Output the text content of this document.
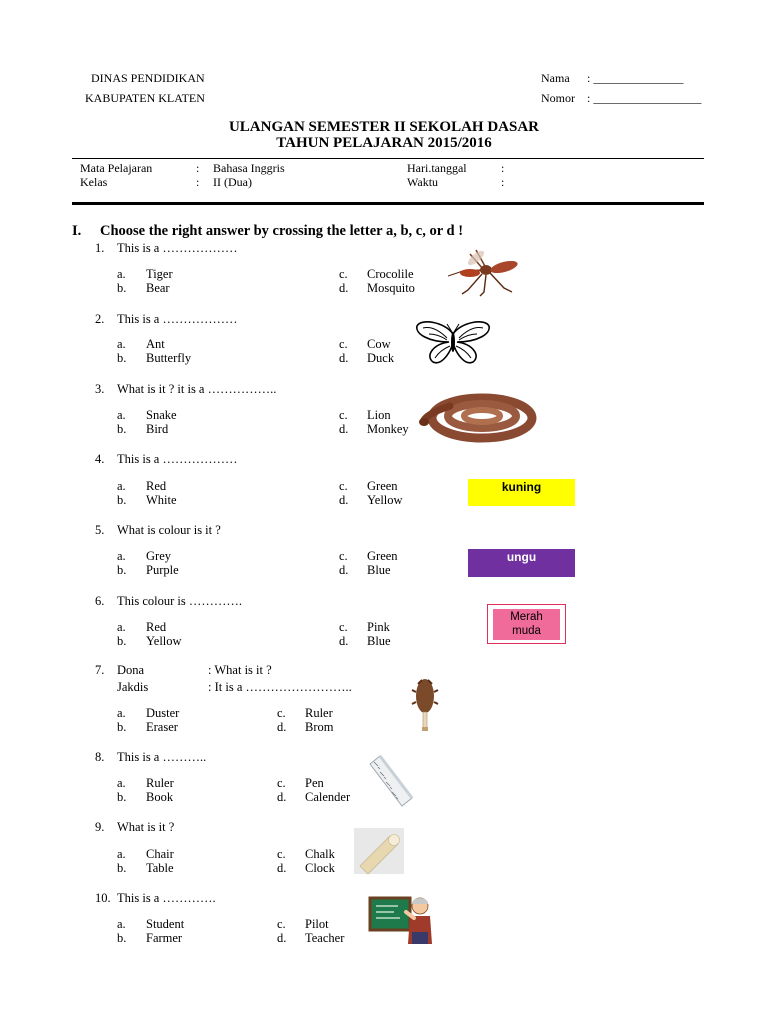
DINAS PENDIDIKAN
KABUPATEN KLATEN
Nama : _______________
Nomor : __________________
ULANGAN SEMESTER II SEKOLAH DASAR
TAHUN PELAJARAN 2015/2016
Mata Pelajaran	: Bahasa Inggris
Kelas	: II (Dua)
Hari.tanggal	:
Waktu	:
I. Choose the right answer by crossing the letter a, b, c, or d !
1. This is a ………………
a. Tiger
b. Bear
c. Crocolile
d. Mosquito
2. This is a ………………
a. Ant
b. Butterfly
c. Cow
d. Duck
3. What is it ? it is a ……………..
a. Snake
b. Bird
c. Lion
d. Monkey
4. This is a ………………
a. Red
b. White
c. Green
d. Yellow
kuning
5. What is colour is it ?
a. Grey
b. Purple
c. Green
d. Blue
ungu
6. This colour is ………….
a. Red
b. Yellow
c. Pink
d. Blue
Merah
muda
7. Dona	: What is it ?
Jakdis	: It is a ……………………..
a. Duster
b. Eraser
c. Ruler
d. Brom
8. This is a ………..
a. Ruler
b. Book
c. Pen
d. Calender
9. What is it ?
a. Chair
b. Table
c. Chalk
d. Clock
10. This is a ………….
a. Student
b. Farmer
c. Pilot
d. Teacher
